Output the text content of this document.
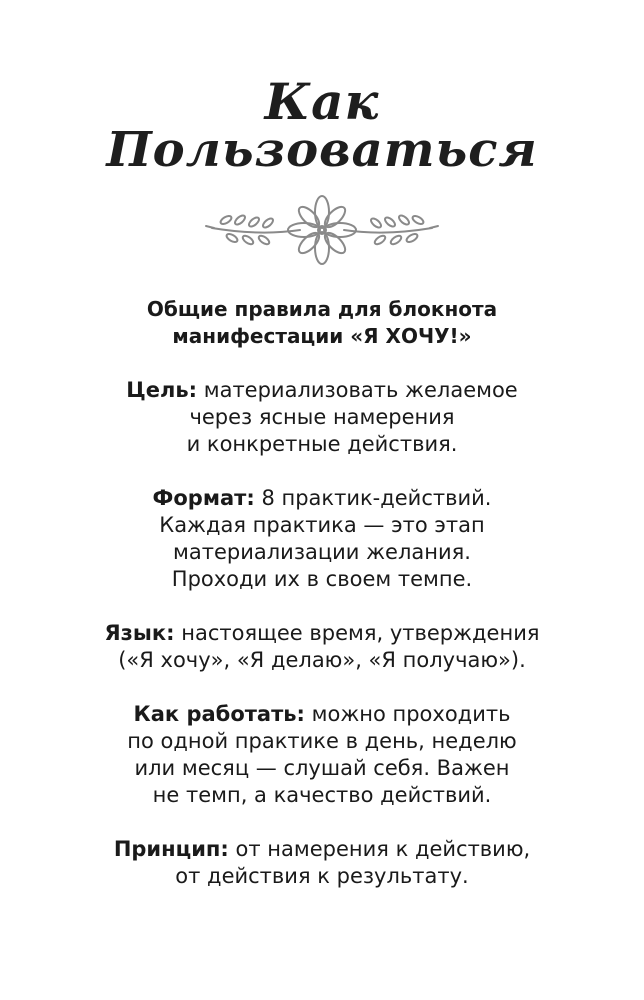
Как
Пользоваться
Общие правила для блокнота
манифестации «Я ХОЧУ!»
Цель: материализовать желаемое
через ясные намерения
и конкретные действия.
Формат: 8 практик-действий.
Каждая практика — это этап
материализации желания.
Проходи их в своем темпе.
Язык: настоящее время, утверждения
(«Я хочу», «Я делаю», «Я получаю»).
Как работать: можно проходить
по одной практике в день, неделю
или месяц — слушай себя. Важен
не темп, а качество действий.
Принцип: от намерения к действию,
от действия к результату.
